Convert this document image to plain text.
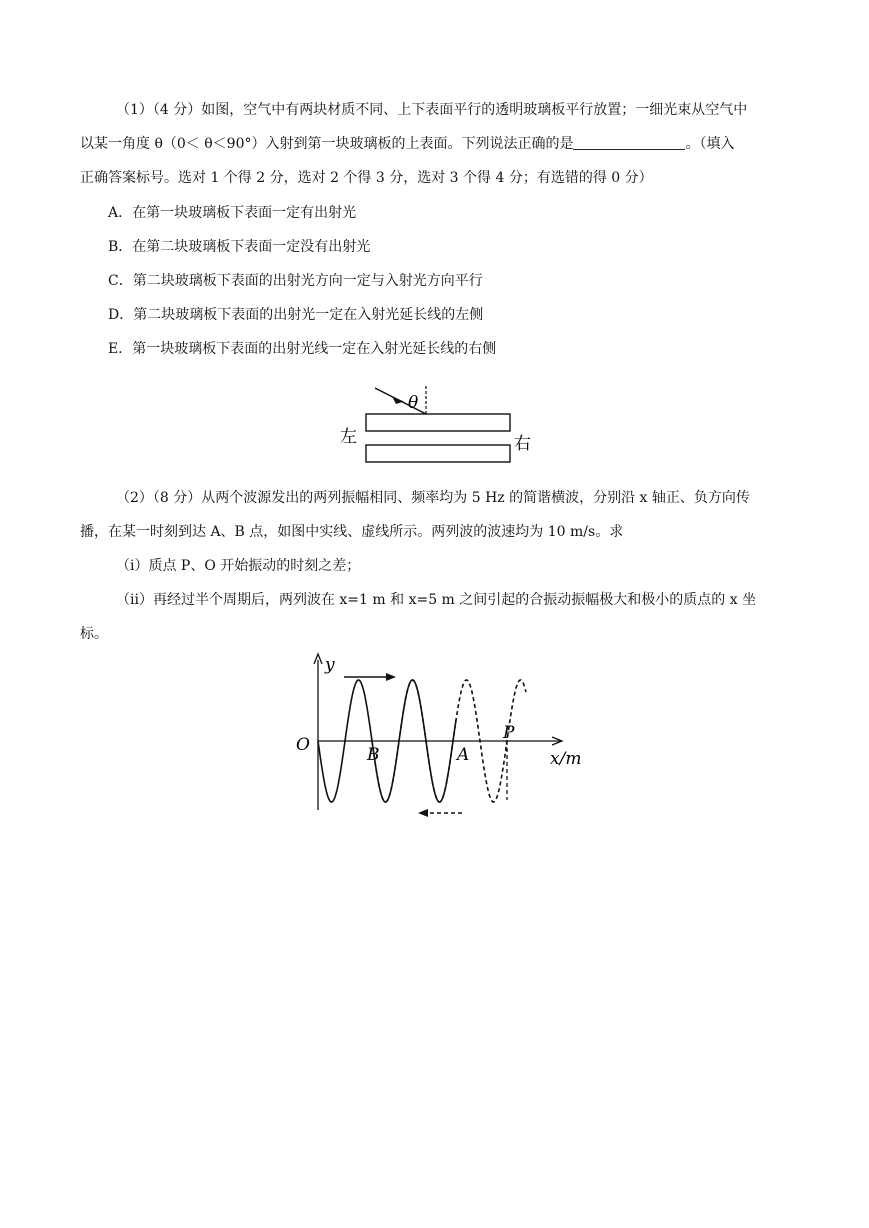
（1）（4 分）如图，空气中有两块材质不同、上下表面平行的透明玻璃板平行放置；一细光束从空气中
以某一角度 θ（0＜ θ＜90°）入射到第一块玻璃板的上表面。下列说法正确的是	。（填入
正确答案标号。选对 1 个得 2 分，选对 2 个得 3 分，选对 3 个得 4 分；有选错的得 0 分）
A．在第一块玻璃板下表面一定有出射光
B．在第二块玻璃板下表面一定没有出射光
C．第二块玻璃板下表面的出射光方向一定与入射光方向平行
D．第二块玻璃板下表面的出射光一定在入射光延长线的左侧
E．第一块玻璃板下表面的出射光线一定在入射光延长线的右侧
θ
左	右
（2）（8 分）从两个波源发出的两列振幅相同、频率均为 5 Hz 的简谐横波，分别沿 x 轴正、负方向传
播，在某一时刻到达 A、B 点，如图中实线、虚线所示。两列波的波速均为 10 m/s。求
（i）质点 P、O 开始振动的时刻之差；
（ii）再经过半个周期后，两列波在 x=1 m 和 x=5 m 之间引起的合振动振幅极大和极小的质点的 x 坐
标。
y
x/m
O	B	A
P
